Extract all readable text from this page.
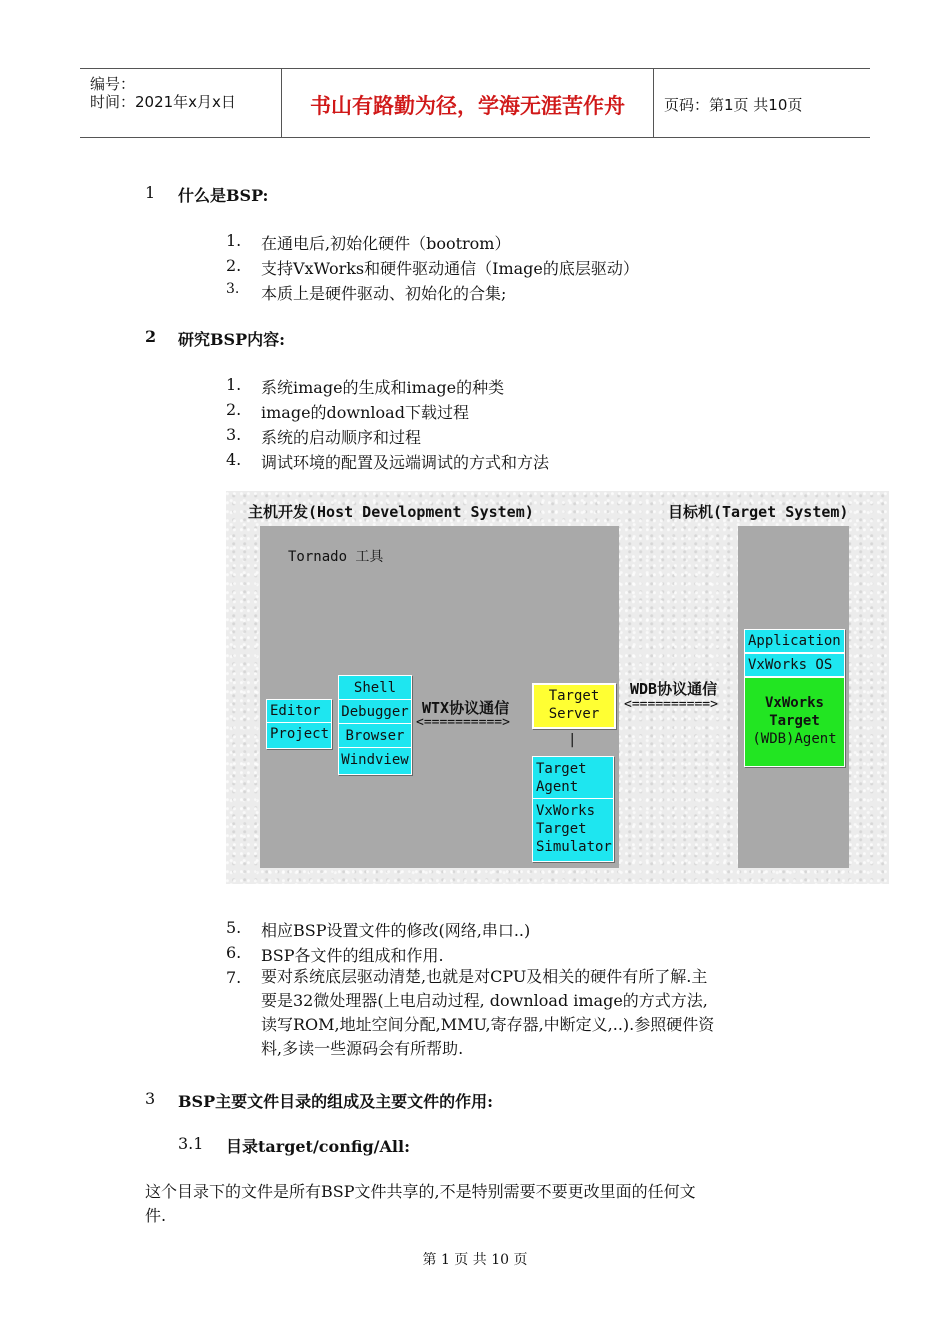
编号：
时间：2021年x月x日	书山有路勤为径，学海无涯苦作舟	页码：第1页 共10页
1 什么是BSP:
1. 在通电后,初始化硬件（bootrom）
2. 支持VxWorks和硬件驱动通信（Image的底层驱动）
3. 本质上是硬件驱动、初始化的合集;
2 研究BSP内容:
1. 系统image的生成和image的种类
2. image的download下载过程
3. 系统的启动顺序和过程
4. 调试环境的配置及远端调试的方式和方法
主机开发(Host Development System)	目标机(Target System)
Tornado 工具
Editor
Project
Shell
Debugger
Browser
Windview
WTX协议通信
<==========>
Target
Server
|
Target
Agent
VxWorks
Target
Simulator
WDB协议通信
<==========>
Application
VxWorks OS
VxWorks
Target
(WDB)Agent
5. 相应BSP设置文件的修改(网络,串口..)
6. BSP各文件的组成和作用.
7. 要对系统底层驱动清楚,也就是对CPU及相关的硬件有所了解.主
要是32微处理器(上电启动过程, download image的方式方法,
读写ROM,地址空间分配,MMU,寄存器,中断定义,..).参照硬件资
料,多读一些源码会有所帮助.
3 BSP主要文件目录的组成及主要文件的作用:
3.1 目录target/config/All:
这个目录下的文件是所有BSP文件共享的,不是特别需要不要更改里面的任何文
件.
第 1 页 共 10 页
